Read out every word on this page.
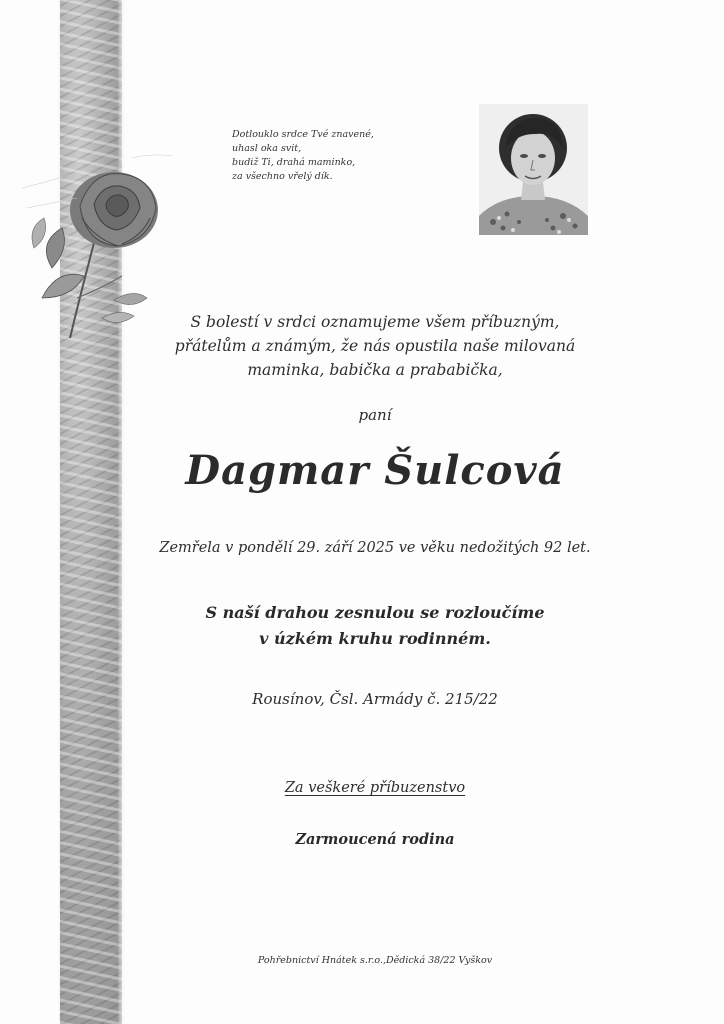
Dotlouklо srdce Tvé znavené,
uhasl oka svit,
budiž Ti, drahá maminko,
za všechno vřelý dík.
S bolestí v srdci oznamujeme všem příbuzným,
přátelům a známým, že nás opustila naše milovaná
maminka, babička a prababička,
paní
Dagmar Šulcová
Zemřela v pondělí 29. září 2025 ve věku nedožitých 92 let.
S naší drahou zesnulou se rozloučíme
v úzkém kruhu rodinném.
Rousínov, Čsl. Armády č. 215/22
Za veškeré příbuzenstvo
Zarmoucená rodina
Pohřebnictví Hnátek s.r.o.,Dědická 38/22 Vyškov
